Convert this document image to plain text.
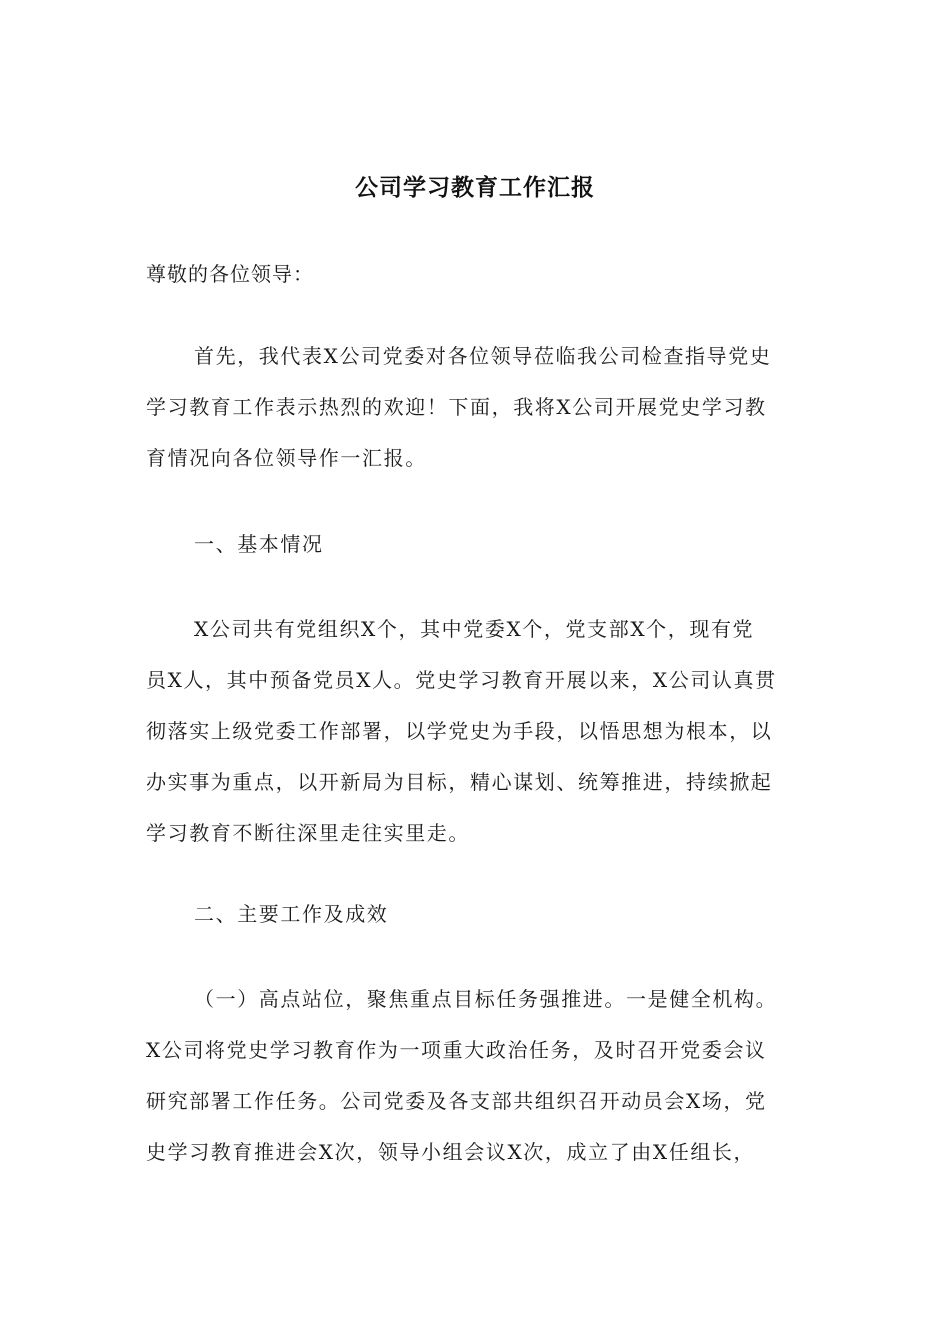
公司学习教育工作汇报
尊敬的各位领导：
首先，我代表X公司党委对各位领导莅临我公司检查指导党史
学习教育工作表示热烈的欢迎！下面，我将X公司开展党史学习教
育情况向各位领导作一汇报。
一、基本情况
X公司共有党组织X个，其中党委X个，党支部X个，现有党
员X人，其中预备党员X人。党史学习教育开展以来，X公司认真贯
彻落实上级党委工作部署，以学党史为手段，以悟思想为根本，以
办实事为重点，以开新局为目标，精心谋划、统筹推进，持续掀起
学习教育不断往深里走往实里走。
二、主要工作及成效
（一）高点站位，聚焦重点目标任务强推进。一是健全机构。
X公司将党史学习教育作为一项重大政治任务，及时召开党委会议
研究部署工作任务。公司党委及各支部共组织召开动员会X场，党
史学习教育推进会X次，领导小组会议X次，成立了由X任组长，
